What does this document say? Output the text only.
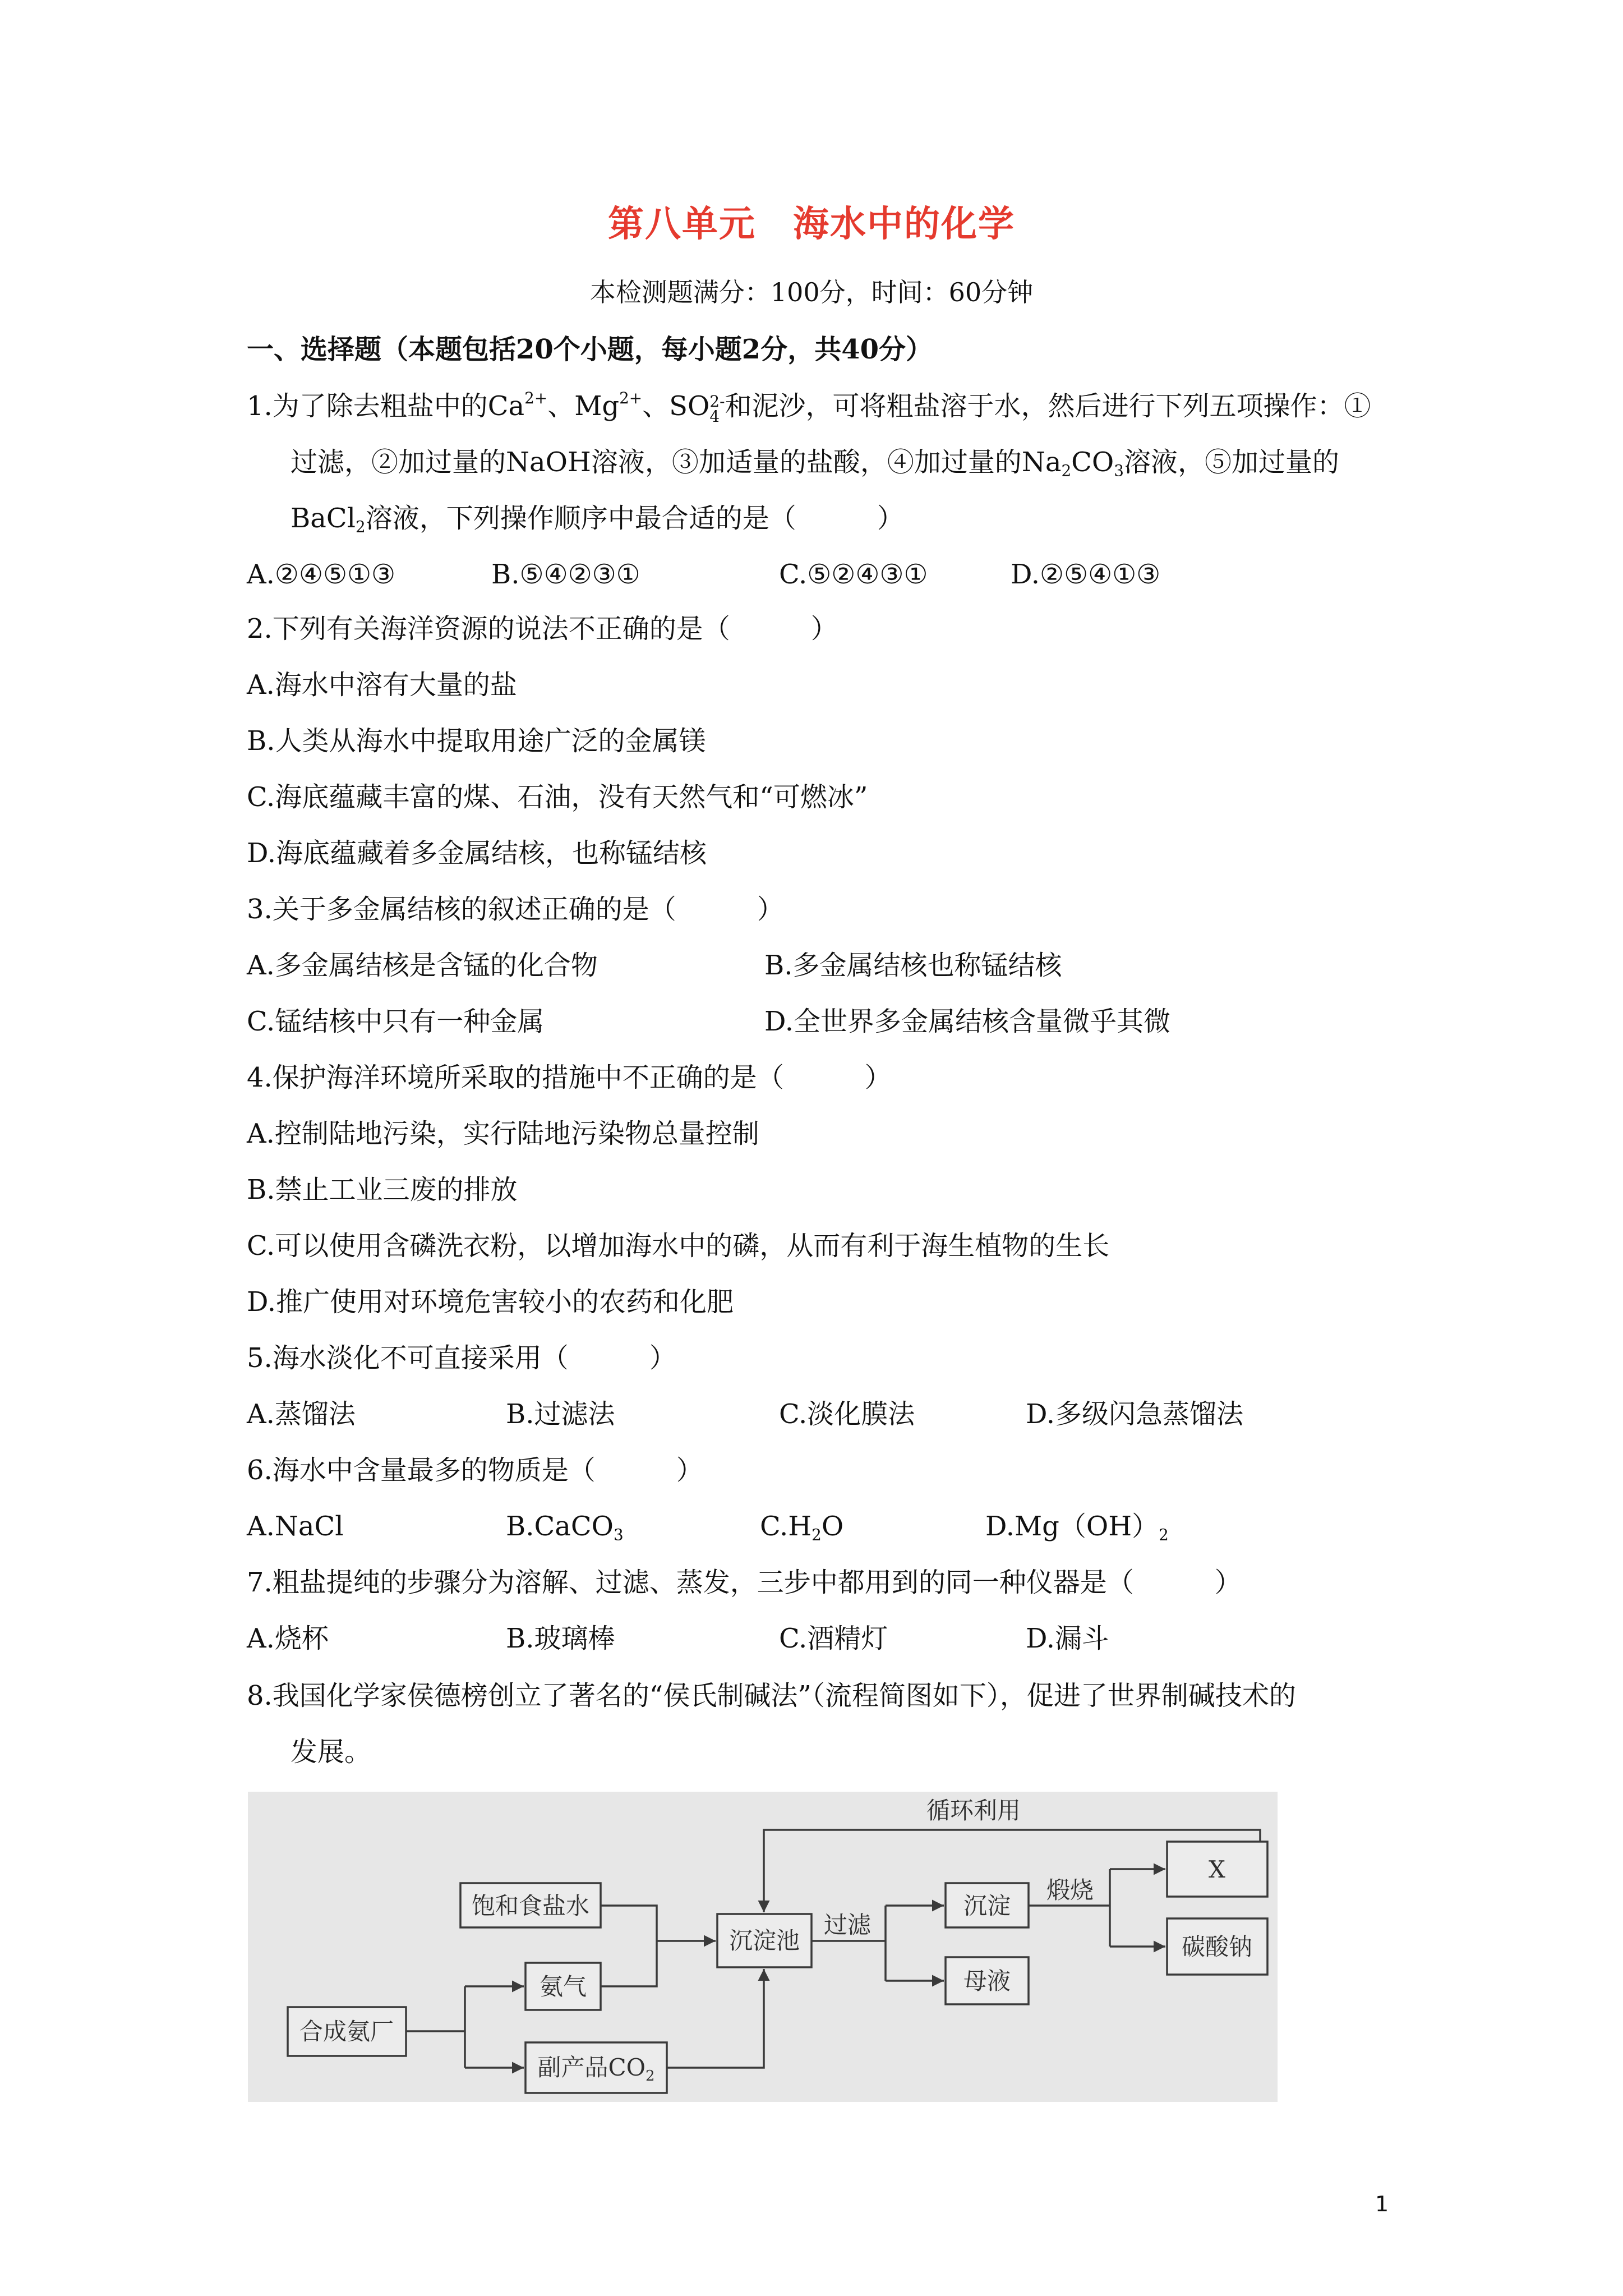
第八单元　海水中的化学
本检测题满分：100分，时间：60分钟
一、选择题（本题包括20个小题，每小题2分，共40分）
1.为了除去粗盐中的$Ca^{2+}$、$Mg^{2+}$、SO 2-
4 和泥沙，可将粗盐溶于水，然后进行下列五项操作：①
过滤，②加过量的NaOH溶液，③加适量的盐酸，④加过量的$Na_2CO_3$溶液，⑤加过量的
BaCl$_2$溶液，下列操作顺序中最合适的是（　　　）
A.②④⑤①③	B.⑤④②③①	C.⑤②④③①	D.②⑤④①③
2.下列有关海洋资源的说法不正确的是（　　　）
A.海水中溶有大量的盐
B.人类从海水中提取用途广泛的金属镁
C.海底蕴藏丰富的煤、石油，没有天然气和“可燃冰”
D.海底蕴藏着多金属结核，也称锰结核
3.关于多金属结核的叙述正确的是（　　　）
A.多金属结核是含锰的化合物	B.多金属结核也称锰结核
C.锰结核中只有一种金属	D.全世界多金属结核含量微乎其微
4.保护海洋环境所采取的措施中不正确的是（　　　）
A.控制陆地污染，实行陆地污染物总量控制
B.禁止工业三废的排放
C.可以使用含磷洗衣粉，以增加海水中的磷，从而有利于海生植物的生长
D.推广使用对环境危害较小的农药和化肥
5.海水淡化不可直接采用（　　　）
A.蒸馏法	B.过滤法	C.淡化膜法	D.多级闪急蒸馏法
6.海水中含量最多的物质是（　　　）
A.NaCl	B.CaCO$_3$	$C.H_2O$	$D.Mg(OH)_2$
7.粗盐提纯的步骤分为溶解、过滤、蒸发，三步中都用到的同一种仪器是（　　　）
A.烧杯	B.玻璃棒	C.酒精灯	D.漏斗
8.我国化学家侯德榜创立了著名的“侯氏制碱法”（流程简图如下），促进了世界制碱技术的
发展。
循环利用
饱和食盐水
氨气
合成氨厂
副产品$CO_2$
沉淀池
过滤
沉淀
母液
煅烧
X
碳酸钠
1
